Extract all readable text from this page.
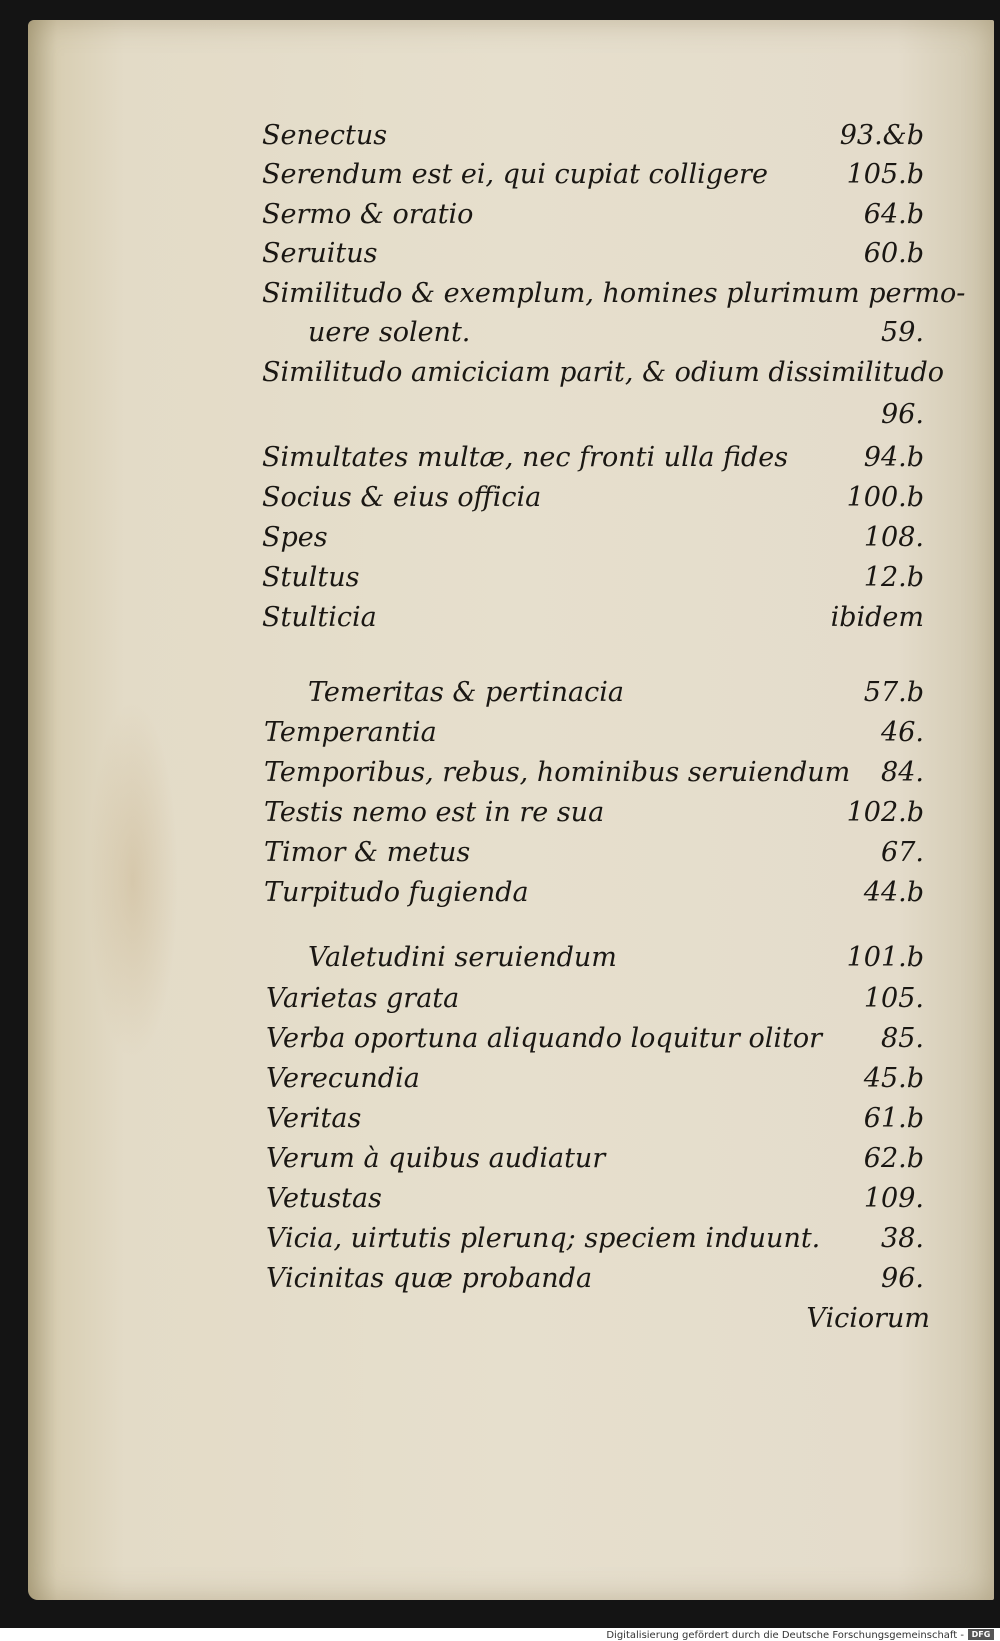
Senectus	93.&b
Serendum est ei, qui cupiat colligere	105.b
Sermo & oratio	64.b
Seruitus	60.b
Similitudo & exemplum, homines plurimum permo-
uere solent.	59.
Similitudo amiciciam parit, & odium dissimilitudo
96.
Simultates multæ, nec fronti ulla fides	94.b
Socius & eius officia	100.b
Spes	108.
Stultus	12.b
Stulticia	ibidem
Temeritas & pertinacia	57.b
Temperantia	46.
Temporibus, rebus, hominibus seruiendum 84.
Testis nemo est in re sua	102.b
Timor & metus	67.
Turpitudo fugienda	44.b
Valetudini seruiendum	101.b
Varietas grata	105.
Verba oportuna aliquando loquitur olitor 85.
Verecundia	45.b
Veritas	61.b
Verum à quibus audiatur	62.b
Vetustas	109.
Vicia, uirtutis plerunq; speciem induunt. 38.
Vicinitas quæ probanda	96.
Viciorum
Digitalisierung gefördert durch die Deutsche Forschungsgemeinschaft - DFG
